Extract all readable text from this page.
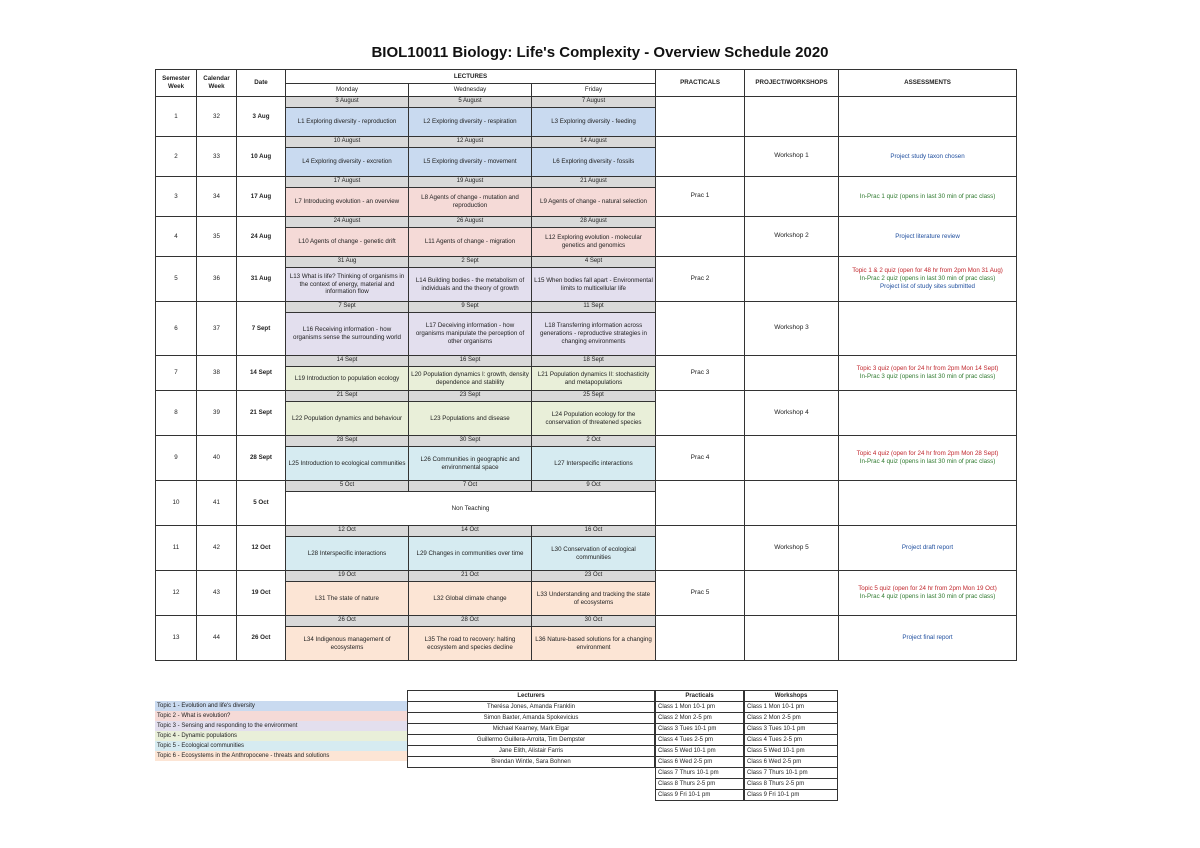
BIOL10011 Biology: Life's Complexity - Overview Schedule 2020
Semester Week	Calendar Week	Date	LECTURES			PRACTICALS	PROJECT/WORKSHOPS	ASSESSMENTS
			Monday	Wednesday	Friday			
1	32	3 Aug	3 August	5 August	7 August			
			L1 Exploring diversity - reproduction	L2 Exploring diversity - respiration	L3 Exploring diversity - feeding			
2	33	10 Aug	10 August	12 August	14 August		Workshop 1	Project study taxon chosen

			L4 Exploring diversity - excretion	L5 Exploring diversity - movement	L6 Exploring diversity - fossils			
3	34	17 Aug	17 August	19 August	21 August	Prac 1		In-Prac 1 quiz (opens in last 30 min of prac class)

			L7 Introducing evolution - an overview	L8 Agents of change - mutation and reproduction	L9 Agents of change - natural selection			
4	35	24 Aug	24 August	26 August	28 August		Workshop 2	Project literature review

			L10 Agents of change - genetic drift	L11 Agents of change - migration	L12 Exploring evolution - molecular genetics and genomics			
5	36	31 Aug	31 Aug	2 Sept	4 Sept	Prac 2		Topic 1 & 2 quiz (open for 48 hr from 2pm Mon 31 Aug)
In-Prac 2 quiz (opens in last 30 min of prac class)
Project list of study sites submitted

			L13 What is life? Thinking of organisms in the context of energy, material and information flow	L14 Building bodies - the metabolism of individuals and the theory of growth	L15 When bodies fall apart - Environmental limits to multicellular life			
6	37	7 Sept	7 Sept	9 Sept	11 Sept		Workshop 3	
			L16 Receiving information - how organisms sense the surrounding world	L17 Deceiving information - how organisms manipulate the perception of other organisms	L18 Transferring information across generations - reproductive strategies in changing environments			
7	38	14 Sept	14 Sept	16 Sept	18 Sept	Prac 3		Topic 3 quiz (open for 24 hr from 2pm Mon 14 Sept)
In-Prac 3 quiz (opens in last 30 min of prac class)

			L19 Introduction to population ecology	L20 Population dynamics I: growth, density dependence and stability	L21 Population dynamics II: stochasticity and metapopulations			
8	39	21 Sept	21 Sept	23 Sept	25 Sept		Workshop 4	
			L22 Population dynamics and behaviour	L23 Populations and disease	L24 Population ecology for the conservation of threatened species			
9	40	28 Sept	28 Sept	30 Sept	2 Oct	Prac 4		Topic 4 quiz (open for 24 hr from 2pm Mon 28 Sept)
In-Prac 4 quiz (opens in last 30 min of prac class)

			L25 Introduction to ecological communities	L26 Communities in geographic and environmental space	L27 Interspecific interactions			
10	41	5 Oct	5 Oct	7 Oct	9 Oct			
			Non Teaching					
11	42	12 Oct	12 Oct	14 Oct	16 Oct		Workshop 5	Project draft report

			L28 Interspecific interactions	L29 Changes in communities over time	L30 Conservation of ecological communities			
12	43	19 Oct	19 Oct	21 Oct	23 Oct	Prac 5		Topic 5 quiz (open for 24 hr from 2pm Mon 19 Oct)
In-Prac 4 quiz (opens in last 30 min of prac class)

			L31 The state of nature	L32 Global climate change	L33 Understanding and tracking the state of ecosystems			
13	44	26 Oct	26 Oct	28 Oct	30 Oct			Project final report

			L34 Indigenous management of ecosystems	L35 The road to recovery: halting ecosystem and species decline	L36 Nature-based solutions for a changing environment			
Topic 1 - Evolution and life's diversity
Topic 2 - What is evolution?
Topic 3 - Sensing and responding to the environment
Topic 4 - Dynamic populations
Topic 5 - Ecological communities
Topic 6 - Ecosystems in the Anthropocene - threats and solutions
Lecturers
Therésa Jones, Amanda Franklin
Simon Baxter, Amanda Spokevicius
Michael Kearney, Mark Elgar
Guillermo Guillera-Arroita, Tim Dempster
Jane Elith, Alistair Farris
Brendan Wintle, Sara Bohnen
Practicals
Class 1 Mon 10-1 pm
Class 2 Mon 2-5 pm
Class 3 Tues 10-1 pm
Class 4 Tues 2-5 pm
Class 5 Wed 10-1 pm
Class 6 Wed 2-5 pm
Class 7 Thurs 10-1 pm
Class 8 Thurs 2-5 pm
Class 9 Fri 10-1 pm
Workshops
Class 1 Mon 10-1 pm
Class 2 Mon 2-5 pm
Class 3 Tues 10-1 pm
Class 4 Tues 2-5 pm
Class 5 Wed 10-1 pm
Class 6 Wed 2-5 pm
Class 7 Thurs 10-1 pm
Class 8 Thurs 2-5 pm
Class 9 Fri 10-1 pm
